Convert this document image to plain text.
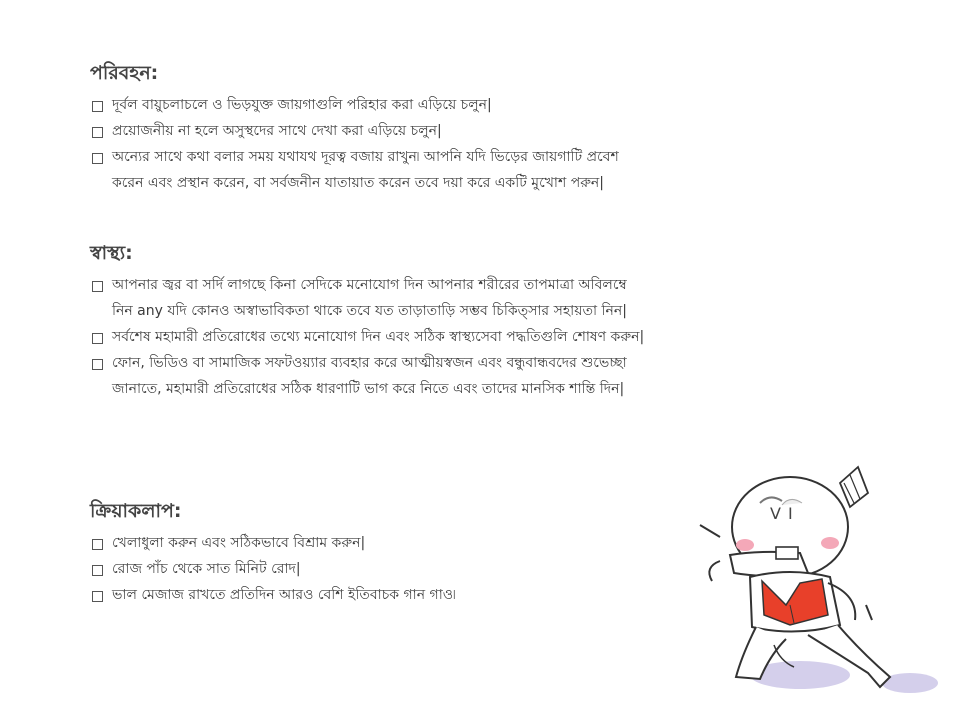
পরিবহন:
দূর্বল বায়ুচলাচলে ও ভিড়যুক্ত জায়গাগুলি পরিহার করা এড়িয়ে চলুন|
প্রয়োজনীয় না হলে অসুস্থদের সাথে দেখা করা এড়িয়ে চলুন|
অন্যের সাথে কথা বলার সময় যথাযথ দূরত্ব বজায় রাখুন৷ আপনি যদি ভিড়ের জায়গাটি প্রবেশ করেন এবং প্রস্থান করেন, বা সর্বজনীন যাতায়াত করেন তবে দয়া করে একটি মুখোশ পরুন|
স্বাস্থ্য:
আপনার জ্বর বা সর্দি লাগছে কিনা সেদিকে মনোযোগ দিন আপনার শরীরের তাপমাত্রা অবিলম্বে নিন any যদি কোনও অস্বাভাবিকতা থাকে তবে যত তাড়াতাড়ি সম্ভব চিকিত্সার সহায়তা নিন|
সর্বশেষ মহামারী প্রতিরোধের তথ্যে মনোযোগ দিন এবং সঠিক স্বাস্থ্যসেবা পদ্ধতিগুলি শোষণ করুন|
ফোন, ভিডিও বা সামাজিক সফটওয়্যার ব্যবহার করে আত্মীয়স্বজন এবং বন্ধুবান্ধবদের শুভেচ্ছা জানাতে, মহামারী প্রতিরোধের সঠিক ধারণাটি ভাগ করে নিতে এবং তাদের মানসিক শান্তি দিন|
ক্রিয়াকলাপ:
খেলাধুলা করুন এবং সঠিকভাবে বিশ্রাম করুন|
রোজ পাঁচ থেকে সাত মিনিট রোদ|
ভাল মেজাজ রাখতে প্রতিদিন আরও বেশি ইতিবাচক গান গাও৷
V I
